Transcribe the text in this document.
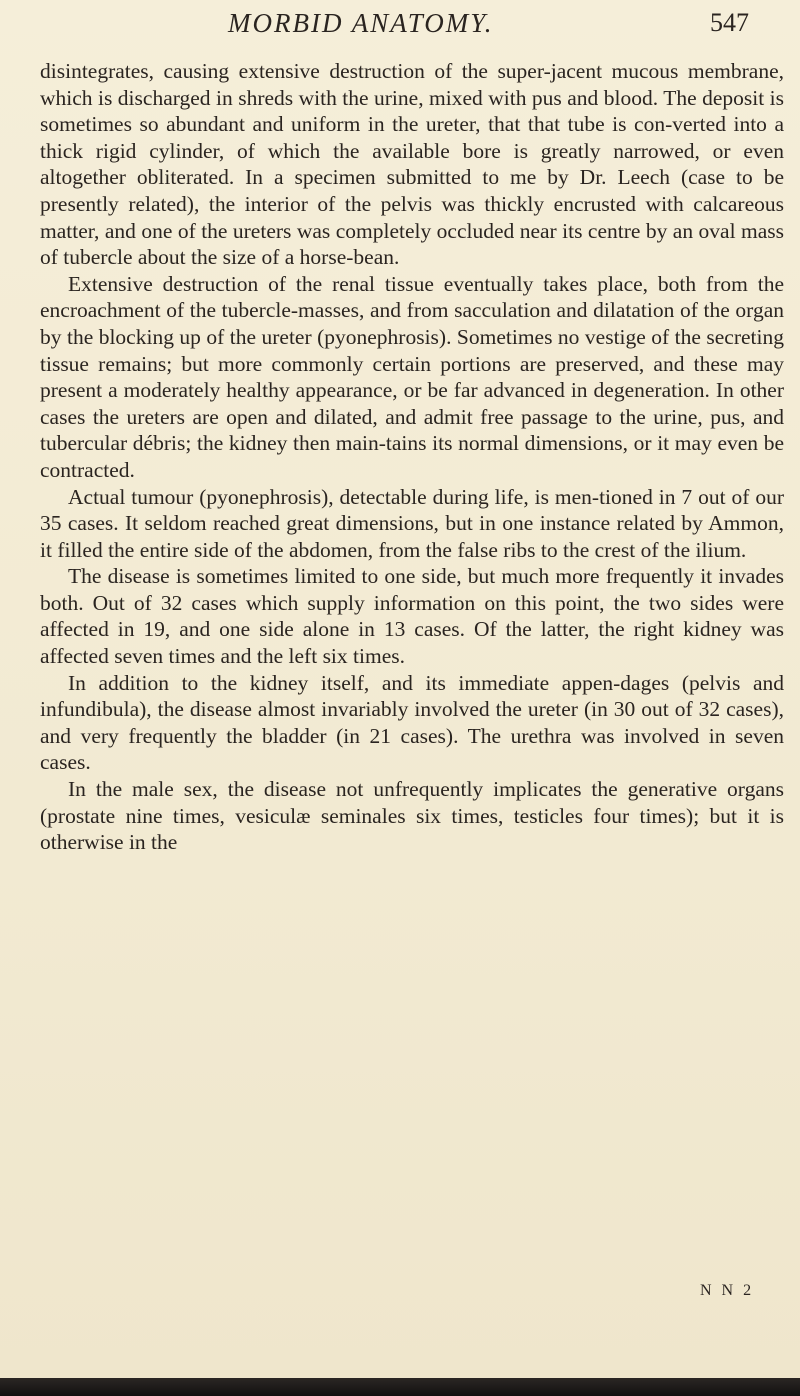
MORBID ANATOMY.	547

disintegrates, causing extensive destruction of the super-jacent mucous membrane, which is discharged in shreds with the urine, mixed with pus and blood. The deposit is sometimes so abundant and uniform in the ureter, that that tube is con-verted into a thick rigid cylinder, of which the available bore is greatly narrowed, or even altogether obliterated. In a specimen submitted to me by Dr. Leech (case to be presently related), the interior of the pelvis was thickly encrusted with calcareous matter, and one of the ureters was completely occluded near its centre by an oval mass of tubercle about the size of a horse-bean.

Extensive destruction of the renal tissue eventually takes place, both from the encroachment of the tubercle-masses, and from sacculation and dilatation of the organ by the blocking up of the ureter (pyonephrosis). Sometimes no vestige of the secreting tissue remains; but more commonly certain portions are preserved, and these may present a moderately healthy appearance, or be far advanced in degeneration. In other cases the ureters are open and dilated, and admit free passage to the urine, pus, and tubercular débris; the kidney then main-tains its normal dimensions, or it may even be contracted.

Actual tumour (pyonephrosis), detectable during life, is men-tioned in 7 out of our 35 cases. It seldom reached great dimensions, but in one instance related by Ammon, it filled the entire side of the abdomen, from the false ribs to the crest of the ilium.

The disease is sometimes limited to one side, but much more frequently it invades both. Out of 32 cases which supply information on this point, the two sides were affected in 19, and one side alone in 13 cases. Of the latter, the right kidney was affected seven times and the left six times.

In addition to the kidney itself, and its immediate appen-dages (pelvis and infundibula), the disease almost invariably involved the ureter (in 30 out of 32 cases), and very frequently the bladder (in 21 cases). The urethra was involved in seven cases.

In the male sex, the disease not unfrequently implicates the generative organs (prostate nine times, vesiculæ seminales six times, testicles four times); but it is otherwise in the

N N 2
